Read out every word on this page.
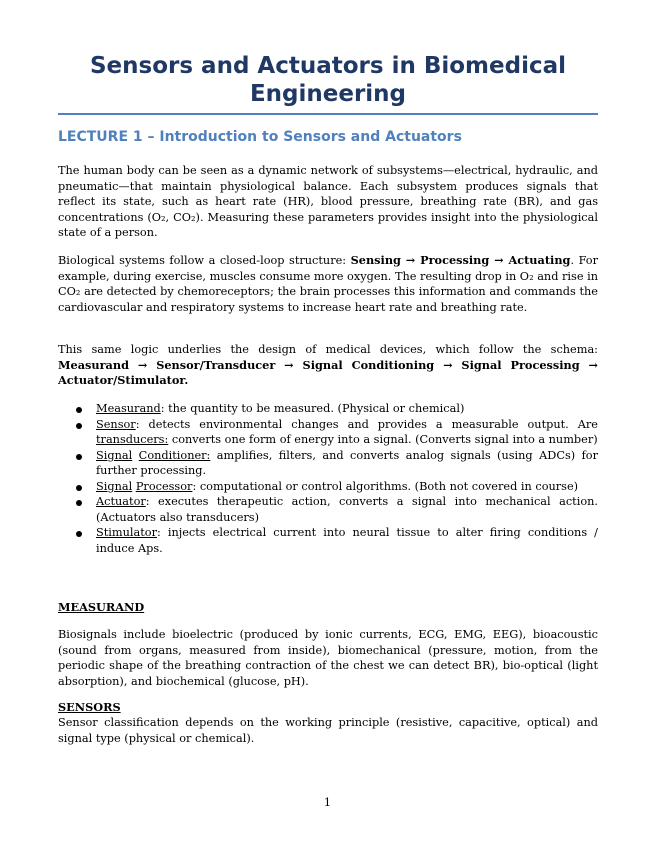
Sensors and Actuators in Biomedical Engineering
LECTURE 1 – Introduction to Sensors and Actuators

The human body can be seen as a dynamic network of subsystems—electrical, hydraulic, and pneumatic—that maintain physiological balance. Each subsystem produces signals that reflect its state, such as heart rate (HR), blood pressure, breathing rate (BR), and gas concentrations (O₂, CO₂). Measuring these parameters provides insight into the physiological state of a person.

Biological systems follow a closed-loop structure: Sensing → Processing → Actuating. For example, during exercise, muscles consume more oxygen. The resulting drop in O₂ and rise in CO₂ are detected by chemoreceptors; the brain processes this information and commands the cardiovascular and respiratory systems to increase heart rate and breathing rate.

This same logic underlies the design of medical devices, which follow the schema: Measurand → Sensor/Transducer → Signal Conditioning → Signal Processing → Actuator/Stimulator.

Measurand: the quantity to be measured. (Physical or chemical)
Sensor: detects environmental changes and provides a measurable output. Are transducers: converts one form of energy into a signal. (Converts signal into a number)
Signal Conditioner: amplifies, filters, and converts analog signals (using ADCs) for further processing.
Signal Processor: computational or control algorithms. (Both not covered in course)
Actuator: executes therapeutic action, converts a signal into mechanical action. (Actuators also transducers)
Stimulator: injects electrical current into neural tissue to alter firing conditions / induce Aps.
MEASURAND

Biosignals include bioelectric (produced by ionic currents, ECG, EMG, EEG), bioacoustic (sound from organs, measured from inside), biomechanical (pressure, motion, from the periodic shape of the breathing contraction of the chest we can detect BR), bio-optical (light absorption), and biochemical (glucose, pH).

SENSORS

Sensor classification depends on the working principle (resistive, capacitive, optical) and signal type (physical or chemical).

1
